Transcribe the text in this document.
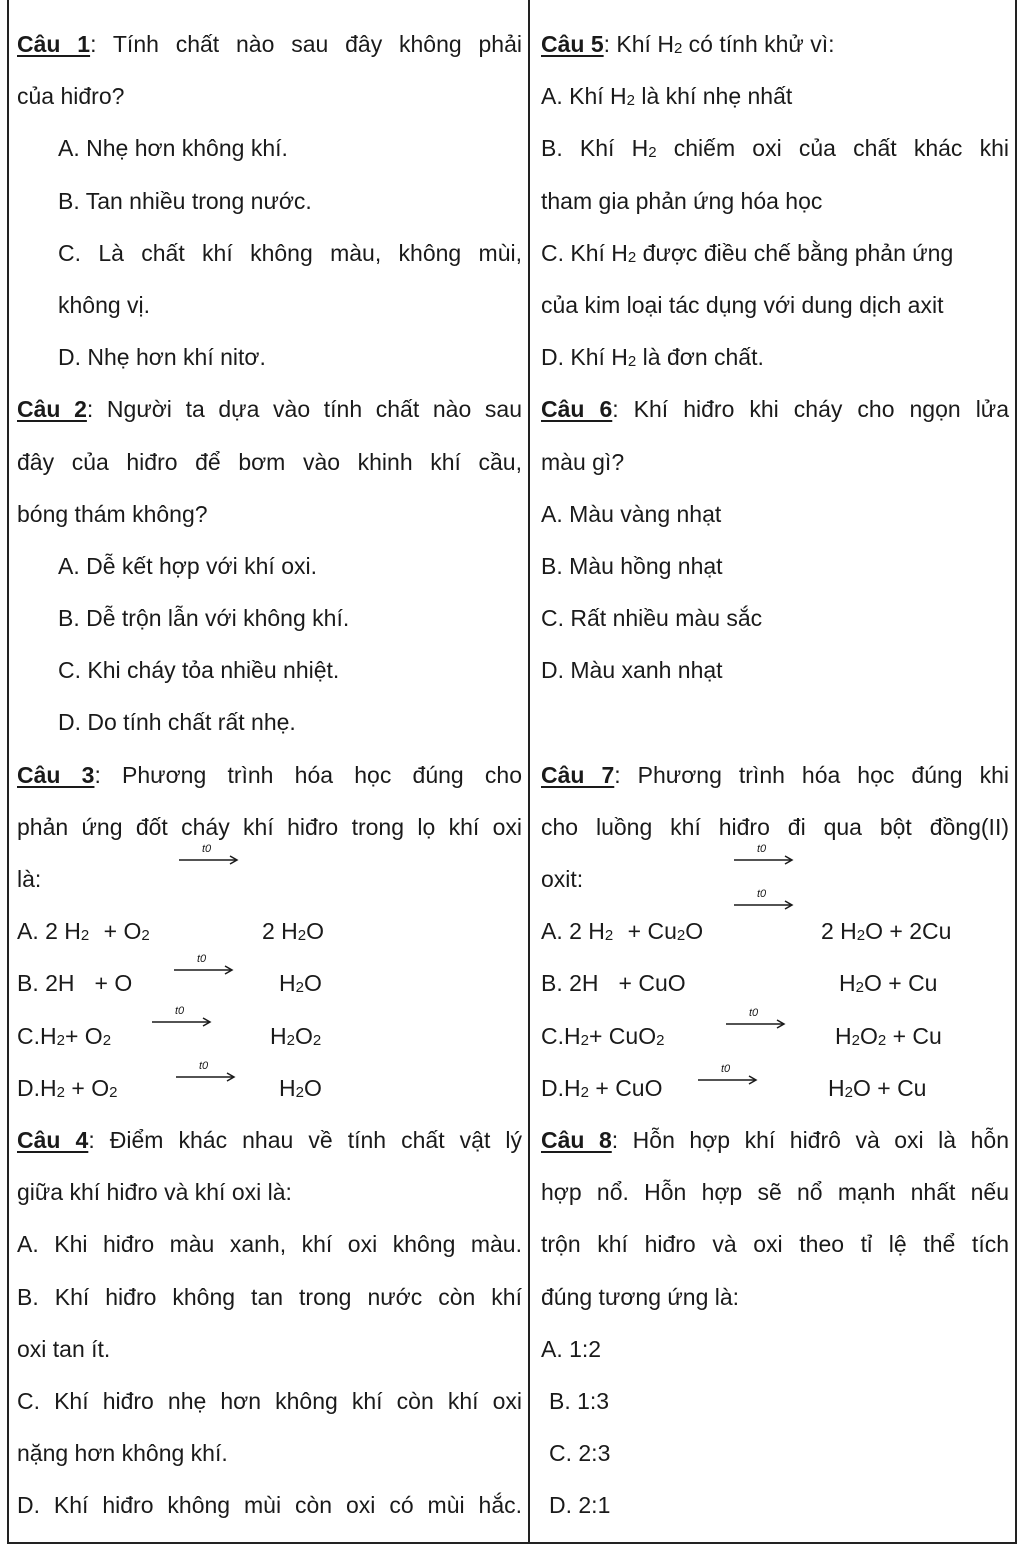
Câu 1: Tính chất nào sau đây không phải
của hiđro?
A. Nhẹ hơn không khí.
B. Tan nhiều trong nước.
C. Là chất khí không màu, không mùi,
không vị.
D. Nhẹ hơn khí nitơ.
Câu 2: Người ta dựa vào tính chất nào sau
đây của hiđro để bơm vào khinh khí cầu,
bóng thám không?
A. Dễ kết hợp với khí oxi.
B. Dễ trộn lẫn với không khí.
C. Khi cháy tỏa nhiều nhiệt.
D. Do tính chất rất nhẹ.
Câu 3: Phương trình hóa học đúng cho
phản ứng đốt cháy khí hiđro trong lọ khí oxi
là:
A. 2 $H_2 + O_2$	2 $H_2O$
B. 2H + O	$H_2O$
$C.H_2+ O_2$	$H_2O_2$
$D.H_2 + O_2$	$H_2O$
Câu 4: Điểm khác nhau về tính chất vật lý
giữa khí hiđro và khí oxi là:
A. Khi hiđro màu xanh, khí oxi không màu.
B. Khí hiđro không tan trong nước còn khí
oxi tan ít.
C. Khí hiđro nhẹ hơn không khí còn khí oxi
nặng hơn không khí.
D. Khí hiđro không mùi còn oxi có mùi hắc.
Câu 5: Khí $H_2$ có tính khử vì:
A. Khí $H_2$ là khí nhẹ nhất
B. Khí $H_2$ chiếm oxi của chất khác khi
tham gia phản ứng hóa học
C. Khí $H_2$ được điều chế bằng phản ứng
của kim loại tác dụng với dung dịch axit
D. Khí $H_2$ là đơn chất.
Câu 6: Khí hiđro khi cháy cho ngọn lửa
màu gì?
A. Màu vàng nhạt
B. Màu hồng nhạt
C. Rất nhiều màu sắc
D. Màu xanh nhạt
Câu 7: Phương trình hóa học đúng khi
cho luồng khí hiđro đi qua bột đồng(II)
oxit:
A. 2 $H_2 + Cu_2O$	2 $H_2O + 2Cu$
B. 2H + CuO	$H_2O + Cu$
$C.H_2+ CuO_2$	$H_2O_2 + Cu$
$D.H_2$ + CuO	$H_2O + Cu$
Câu 8: Hỗn hợp khí hiđrô và oxi là hỗn
hợp nổ. Hỗn hợp sẽ nổ mạnh nhất nếu
trộn khí hiđro và oxi theo tỉ lệ thể tích
đúng tương ứng là:
A. 1:2
B. 1:3
C. 2:3
D. 2:1
t0
t0
t0
t0
t0
t0
t0
t0
